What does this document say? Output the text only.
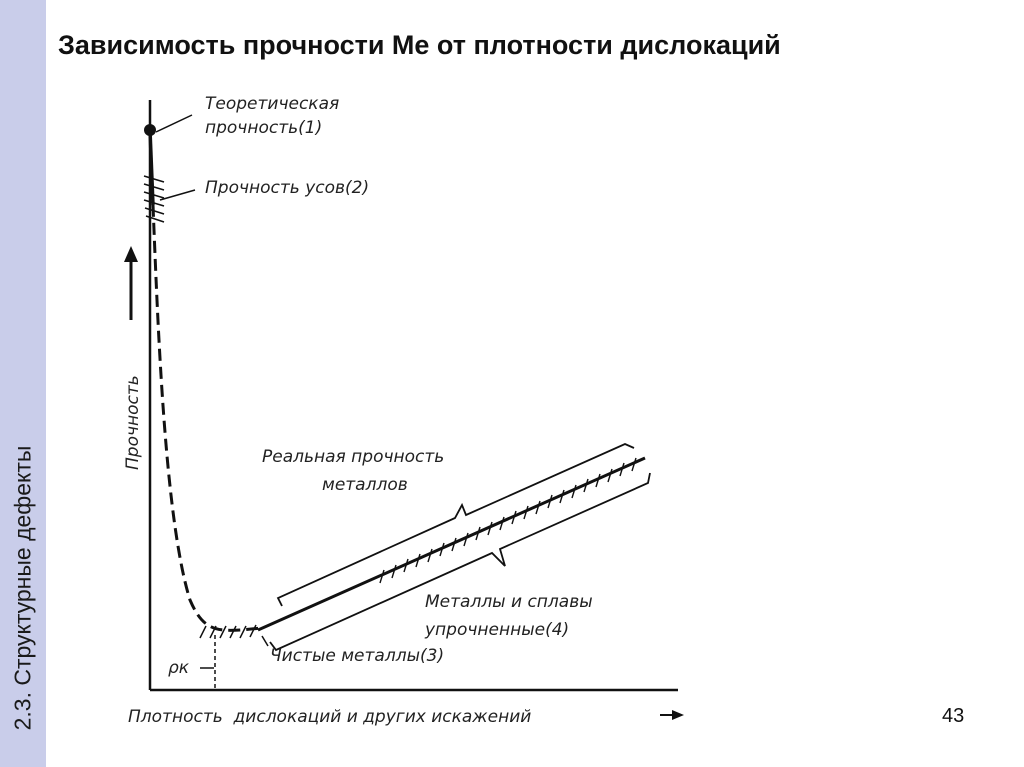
2.3. Структурные дефекты
Зависимость прочности Ме от плотности дислокаций
Прочность
ρк
Теоретическая
прочность(1)
Прочность усов(2)
Реальная прочность
металлов
Чистые металлы(3)
Металлы и сплавы
упрочненные(4)
Плотность  дислокаций и других искажений	43
